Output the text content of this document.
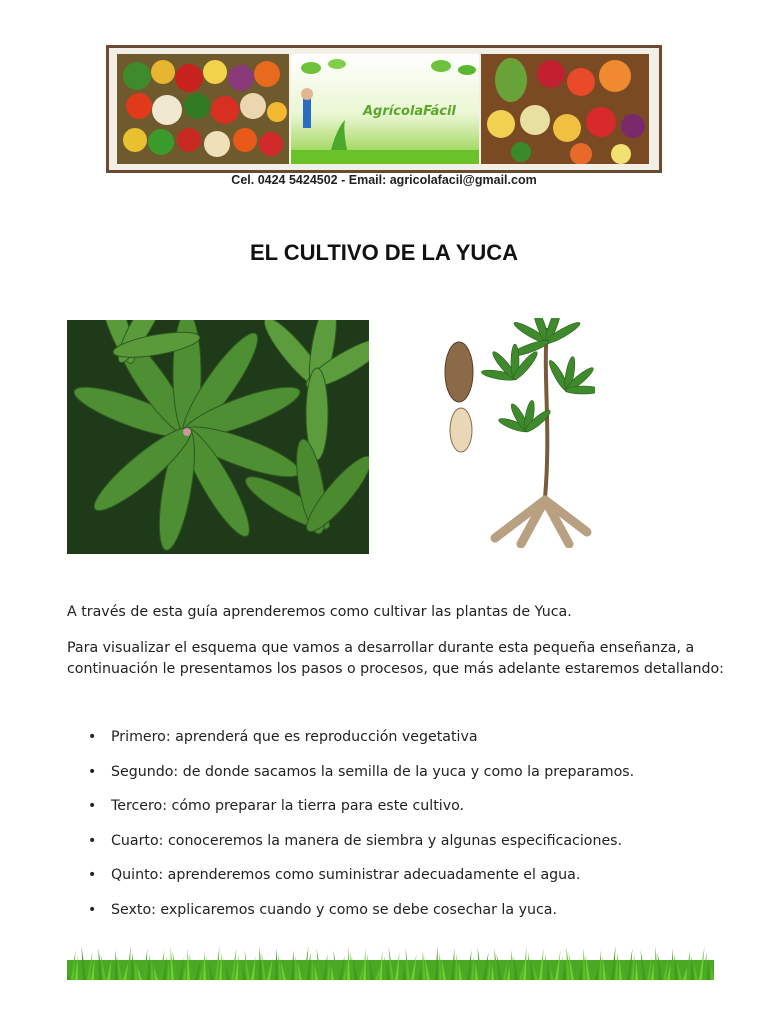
AgrícolaFácil
Cel. 0424 5424502 - Email: agricolafacil@gmail.com
EL CULTIVO DE LA YUCA

A través de esta guía aprenderemos como cultivar las plantas de Yuca.

Para visualizar el esquema que vamos a desarrollar durante esta pequeña enseñanza, a continuación le presentamos los pasos o procesos, que más adelante estaremos detallando:

• Primero: aprenderá que es reproducción vegetativa
• Segundo: de donde sacamos la semilla de la yuca y como la preparamos.
• Tercero: cómo preparar la tierra para este cultivo.
• Cuarto: conoceremos la manera de siembra y algunas especificaciones.
• Quinto: aprenderemos como suministrar adecuadamente el agua.
• Sexto: explicaremos cuando y como se debe cosechar la yuca.
